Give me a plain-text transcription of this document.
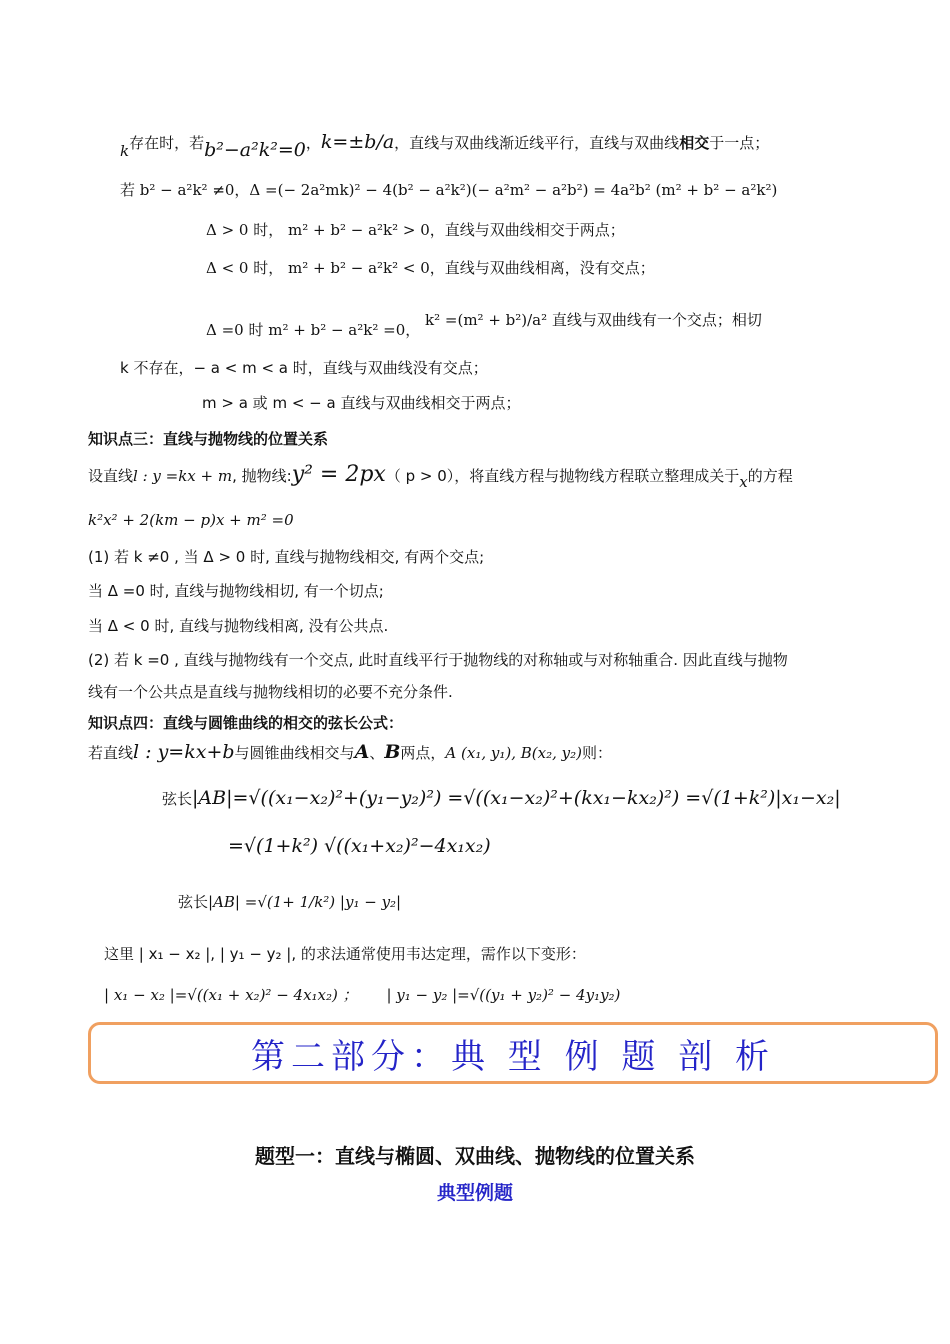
k存在时，若b²−a²k²=0，k=±b/a，直线与双曲线渐近线平行，直线与双曲线相交于一点；
若 b² − a²k² ≠0，Δ =(− 2a²mk)² − 4(b² − a²k²)(− a²m² − a²b²) = 4a²b² (m² + b² − a²k²)
Δ > 0 时， m² + b² − a²k² > 0，直线与双曲线相交于两点；
Δ < 0 时， m² + b² − a²k² < 0，直线与双曲线相离，没有交点；
Δ =0 时 m² + b² − a²k² =0， k² =(m² + b²)/a² 直线与双曲线有一个交点；相切
k 不存在，− a < m < a 时，直线与双曲线没有交点；
m > a 或 m < − a 直线与双曲线相交于两点；
知识点三：直线与抛物线的位置关系
设直线l : y =kx + m, 抛物线:y² = 2px（ p > 0），将直线方程与抛物线方程联立整理成关于x的方程
k²x² + 2(km − p)x + m² =0
(1) 若 k ≠0 , 当 Δ > 0 时, 直线与抛物线相交, 有两个交点;
当 Δ =0 时, 直线与抛物线相切, 有一个切点;
当 Δ < 0 时, 直线与抛物线相离, 没有公共点.
(2) 若 k =0 , 直线与抛物线有一个交点, 此时直线平行于抛物线的对称轴或与对称轴重合. 因此直线与抛物
线有一个公共点是直线与抛物线相切的必要不充分条件.
知识点四：直线与圆锥曲线的相交的弦长公式：
若直线l : y=kx+b与圆锥曲线相交与A、B两点，A (x₁, y₁), B(x₂, y₂)则：
弦长|AB|=√((x₁−x₂)²+(y₁−y₂)²) =√((x₁−x₂)²+(kx₁−kx₂)²) =√(1+k²)|x₁−x₂|
=√(1+k²) √((x₁+x₂)²−4x₁x₂)
弦长|AB| =√(1+ 1/k²) |y₁ − y₂|
这里 | x₁ − x₂ |, | y₁ − y₂ |, 的求法通常使用韦达定理，需作以下变形：
| x₁ − x₂ |=√((x₁ + x₂)² − 4x₁x₂) ； | y₁ − y₂ |=√((y₁ + y₂)² − 4y₁y₂)
第二部分：典 型 例 题 剖 析
题型一：直线与椭圆、双曲线、抛物线的位置关系
典型例题
